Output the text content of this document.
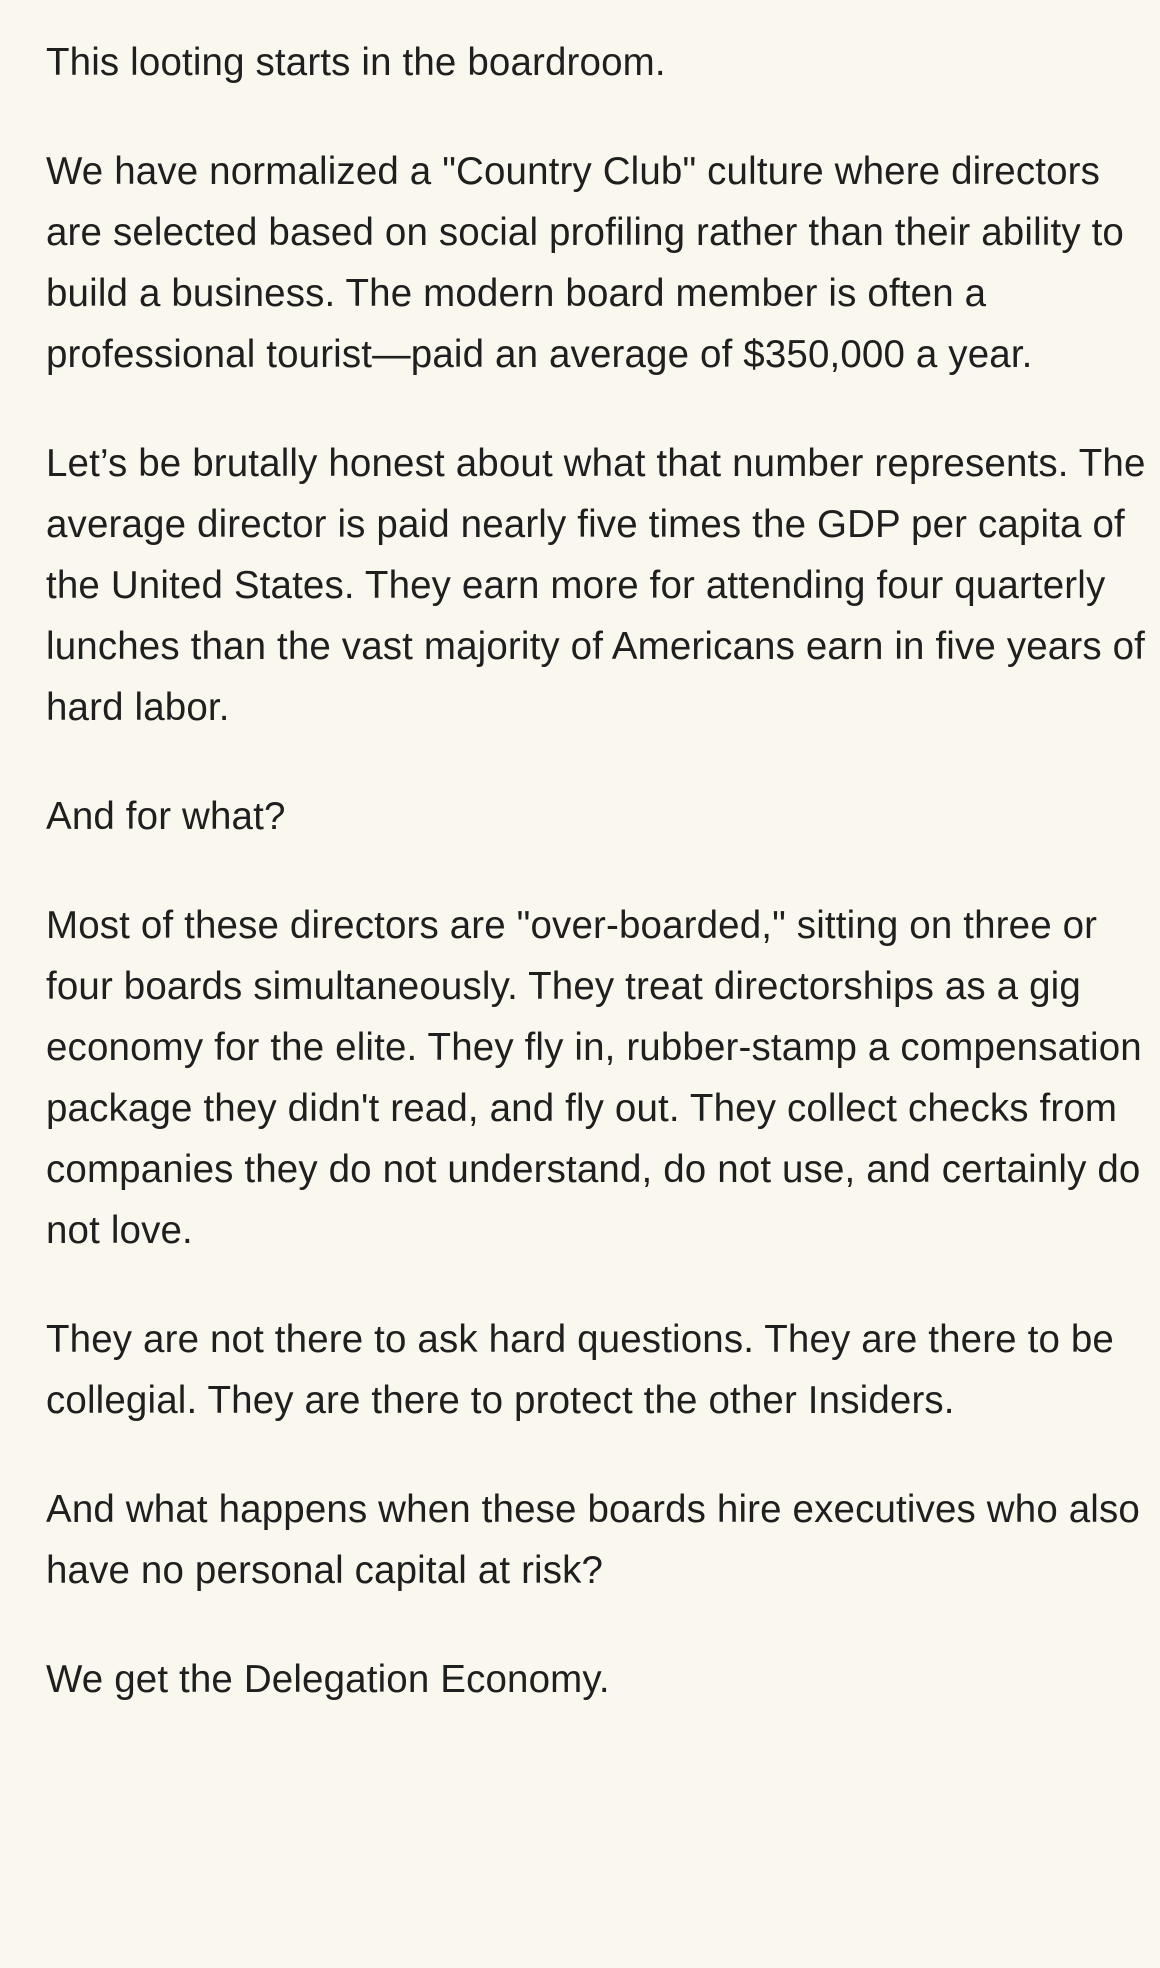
This looting starts in the boardroom.

We have normalized a "Country Club" culture where directors are selected based on social profiling rather than their ability to build a business. The modern board member is often a professional tourist—paid an average of $350,000 a year.

Let’s be brutally honest about what that number represents. The average director is paid nearly five times the GDP per capita of the United States. They earn more for attending four quarterly lunches than the vast majority of Americans earn in five years of hard labor.

And for what?

Most of these directors are "over-boarded," sitting on three or four boards simultaneously. They treat directorships as a gig economy for the elite. They fly in, rubber-stamp a compensation package they didn't read, and fly out. They collect checks from companies they do not understand, do not use, and certainly do not love.

They are not there to ask hard questions. They are there to be collegial. They are there to protect the other Insiders.

And what happens when these boards hire executives who also have no personal capital at risk?

We get the Delegation Economy.
